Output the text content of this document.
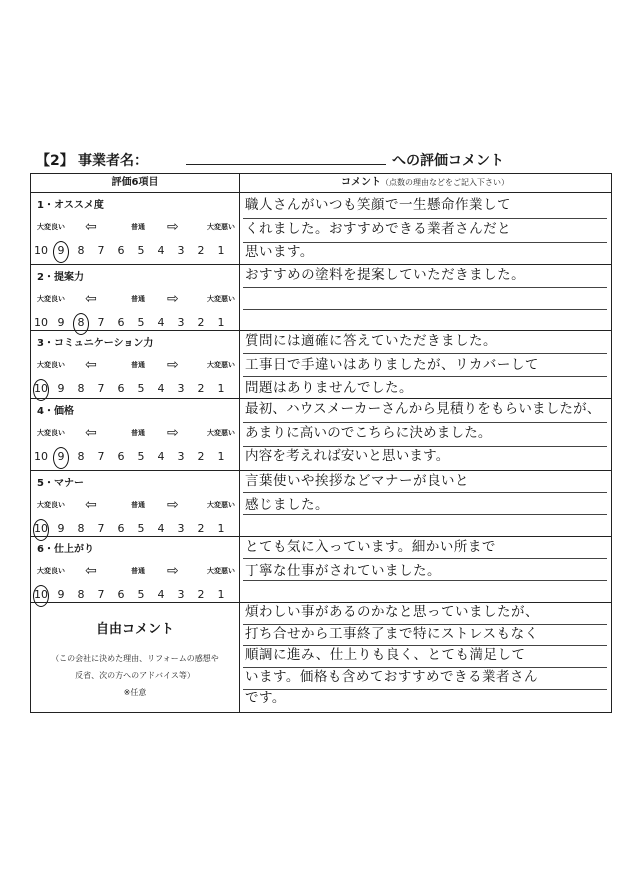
【2】 事業者名：	への評価コメント
評価6項目	コメント（点数の理由などをご記入下さい）
1・オススメ度
大変良い ⇦	普通 ⇨	大変悪い
10 9	8	7	6	5	4	3	2	1
職人さんがいつも笑顔で一生懸命作業して
くれました。おすすめできる業者さんだと
思います。
2・提案力
大変良い ⇦	普通 ⇨	大変悪い
10 9	8	7	6	5	4	3	2	1
おすすめの塗料を提案していただきました。
3・コミュニケーション力
大変良い ⇦	普通 ⇨	大変悪い
10 9	8	7	6	5	4	3	2	1
質問には適確に答えていただきました。
工事日で手違いはありましたが、リカバーして
問題はありませんでした。
4・価格
大変良い ⇦	普通 ⇨	大変悪い
10 9	8	7	6	5	4	3	2	1
最初、ハウスメーカーさんから見積りをもらいましたが、あまりに高いのでこちらに決めました。
内容を考えれば安いと思います。
5・マナー
大変良い ⇦	普通 ⇨	大変悪い
10 9	8	7	6	5	4	3	2	1
言葉使いや挨拶などマナーが良いと
感じました。
6・仕上がり
大変良い ⇦	普通 ⇨	大変悪い
10 9	8	7	6	5	4	3	2	1
とても気に入っています。細かい所まで
丁寧な仕事がされていました。
自由コメント
（この会社に決めた理由、リフォームの感想や
反省、次の方へのアドバイス等）
※任意
煩わしい事があるのかなと思っていましたが、
打ち合せから工事終了まで特にストレスもなく
順調に進み、仕上りも良く、とても満足して
います。価格も含めておすすめできる業者さん
です。
